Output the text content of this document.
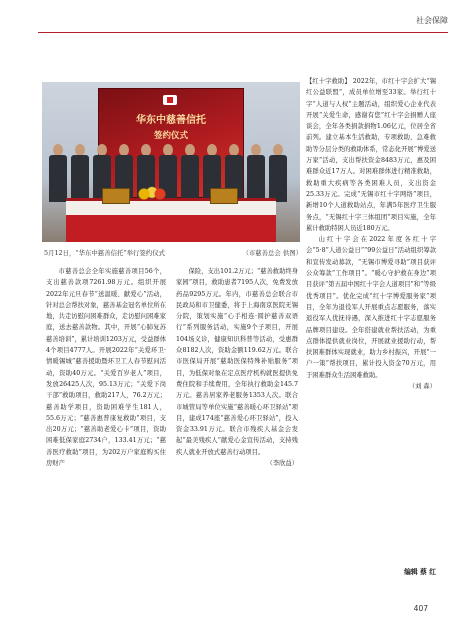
社会保障
华东中慈善信托
签约仪式
5月12日，“华东中慈善信托”举行签约仪式	（市慈善总会 供图）

市慈善总会全年实施慈善项目56个，支出慈善款项7261.98万元。组织开展2022年元旦春节“送温暖、献爱心”活动，针对总会帮扶对象，慈善基金冠名单位所在地，共走访慰问困难群众，走访慰问困难家庭，送去慈善款物。其中，开展“心肺复苏慈善培训”，累计培训1203万元，受益群体4个项目4777人。开展2022年“关爱环卫·情暖锡城”慈善援助暨环卫工人春节慰问活动，资助40万元。“关爱百岁老人”项目，发放26425人次，95.13万元；“关爱下岗干部”救助项目，救助217人，76.2万元；慈善助学项目，资助困难学生181人，55.6万元；“慈善惠普康复救助”项目，支出20万元；“慈善助老爱心卡”项目，资助困难低保家庭2734户，133.41万元；“慈善医疗救助”项目，为202万户家庭购买住房财产

保险，支出101.2万元；“慈善救助终身家园”项目，救助患者7195人次，免费发放药品9295万元。年内，市慈善总会联合市民政局和市卫健委，将于上海南京医院无锡分院，策划实施“心手相连·圆护慈善双语行”系列服务活动，实施9个子项目，开展104场义诊，健康知识科普等活动，受惠群众8182人次，资助金额119.62万元。联合市医保局开展“慈助医保特殊补贴服务”项目，为低保对象在定点医疗机构就医提供免费住院和手续费用，全年执行救助金145.7万元。慈善居家养老服务1353人次。联合市城管局等单位实施“慈善暖心环卫驿站”项目，建成174座“慈善爱心环卫驿站”，投入资金33.91万元。联合市残疾人基金会发起“最美残疾人”献爱心金宣传活动，支持残疾人就业开放式慈善行动项目。

（李欣益）

【红十字救助】 2022年，市红十字会扩大“锡红公益联盟”，成员单位增至33家。举行红十字“人道与人权”主题活动，组织爱心企业代表开展“关爱生命，感谢有您”红十字会捐赠人座谈会，全年各类捐款捐物1.06亿元，位居全省前列。建立基本生活救助，专项救助，急难救助等分层分类的救助体系，常态化开展“博爱送万家”活动，支出帮扶资金8483万元，惠及困难群众近17万人。对困难群体进行精准救助，救助重大疾病等各类困难人员，支出资金25.33万元。完成“无锡市红十字网络”项目，新增10个人道救助站点，年满5年医疗卫生服务点，“无锡红十字三体组团”项目实施，全年累计救助特困人员近180万元。

山红十字会在2022年度各红十字会“5·8”人道公益日”“99公益日”活动组织筹款和宣传发动募款，“无锡市博爱寻助”项目获评公众筹款“工作项目”。“暖心守护救在身边”项目获评“第五届中国红十字会人道项目”和“等级优秀项目”。优化完成“红十字博爱服务家”项目，全年为退役军人开展重点志愿服务，落实退役军人优抚待遇，深入推进红十字志愿服务品牌项目建设。全年搭建就业帮扶活动，为重点群体提供就业岗位，开展就业援助行动，帮扶困难群体实现就业，助力乡村振兴，开展“一户一策”帮扶项目，累计投入资金70万元，用于困难群众生活困难救助。

（刘 森）
编辑 蔡 红
407
